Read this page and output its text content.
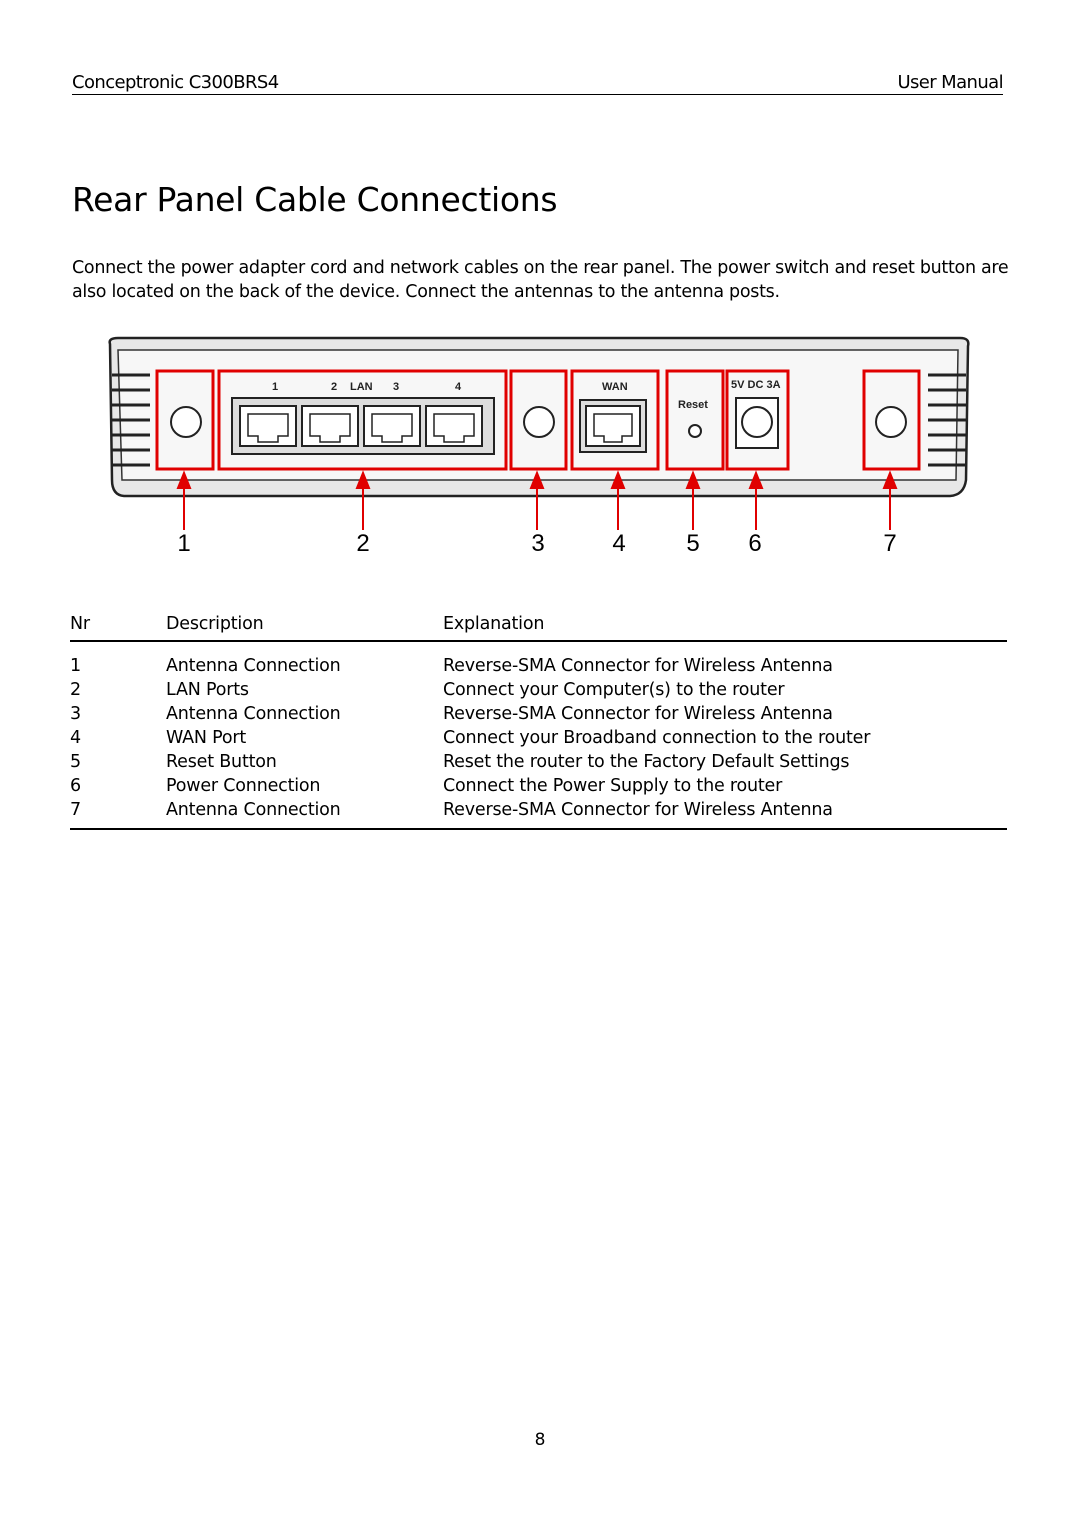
Conceptronic C300BRS4	User Manual
Rear Panel Cable Connections
Connect the power adapter cord and network cables on the rear panel. The power switch and reset button are also located on the back of the device. Connect the antennas to the antenna posts.
1	2 LAN 3	4	WAN
Reset
5V DC 3A
1	2	3	4	5	6	7
Nr	Description	Explanation
1	Antenna Connection	Reverse-SMA Connector for Wireless Antenna
2	LAN Ports	Connect your Computer(s) to the router
3	Antenna Connection	Reverse-SMA Connector for Wireless Antenna
4	WAN Port	Connect your Broadband connection to the router
5	Reset Button	Reset the router to the Factory Default Settings
6	Power Connection	Connect the Power Supply to the router
7	Antenna Connection	Reverse-SMA Connector for Wireless Antenna
8
